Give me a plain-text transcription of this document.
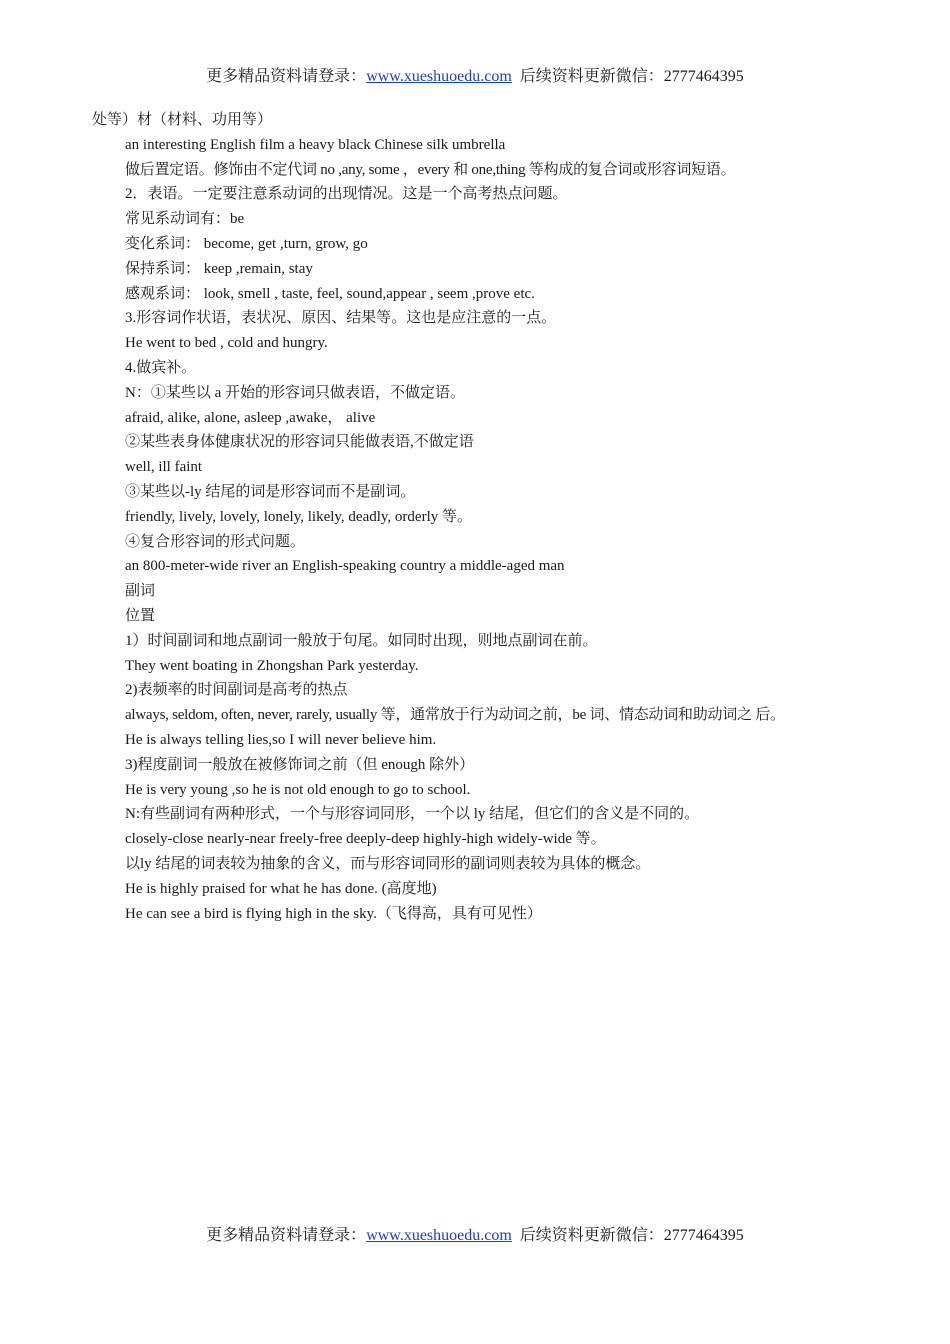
更多精品资料请登录：www.xueshuoedu.com 后续资料更新微信：2777464395
处等）材（材料、功用等）
an interesting English film a heavy black Chinese silk umbrella
做后置定语。修饰由不定代词 no ,any, some ，every 和 one,thing 等构成的复合词或形容词短语。
2．表语。一定要注意系动词的出现情况。这是一个高考热点问题。
常见系动词有：be
变化系词： become, get ,turn, grow, go
保持系词： keep ,remain, stay
感观系词： look, smell , taste, feel, sound,appear , seem ,prove etc.
3.形容词作状语，表状况、原因、结果等。这也是应注意的一点。
He went to bed , cold and hungry.
4.做宾补。
N：①某些以 a 开始的形容词只做表语，不做定语。
afraid, alike, alone, asleep ,awake， alive
②某些表身体健康状况的形容词只能做表语,不做定语
well, ill faint
③某些以-ly 结尾的词是形容词而不是副词。
friendly, lively, lovely, lonely, likely, deadly, orderly 等。
④复合形容词的形式问题。
an 800-meter-wide river an English-speaking country a middle-aged man
副词
位置
1）时间副词和地点副词一般放于句尾。如同时出现，则地点副词在前。
They went boating in Zhongshan Park yesterday.
2)表频率的时间副词是高考的热点
always, seldom, often, never, rarely, usually 等，通常放于行为动词之前，be 词、情态动词和助动词之 后。
He is always telling lies,so I will never believe him.
3)程度副词一般放在被修饰词之前（但 enough 除外）
He is very young ,so he is not old enough to go to school.
N:有些副词有两种形式，一个与形容词同形，一个以 ly 结尾，但它们的含义是不同的。
closely-close nearly-near freely-free deeply-deep highly-high widely-wide 等。
以ly 结尾的词表较为抽象的含义，而与形容词同形的副词则表较为具体的概念。
He is highly praised for what he has done. (高度地)
He can see a bird is flying high in the sky.（飞得高，具有可见性）
更多精品资料请登录：www.xueshuoedu.com 后续资料更新微信：2777464395
